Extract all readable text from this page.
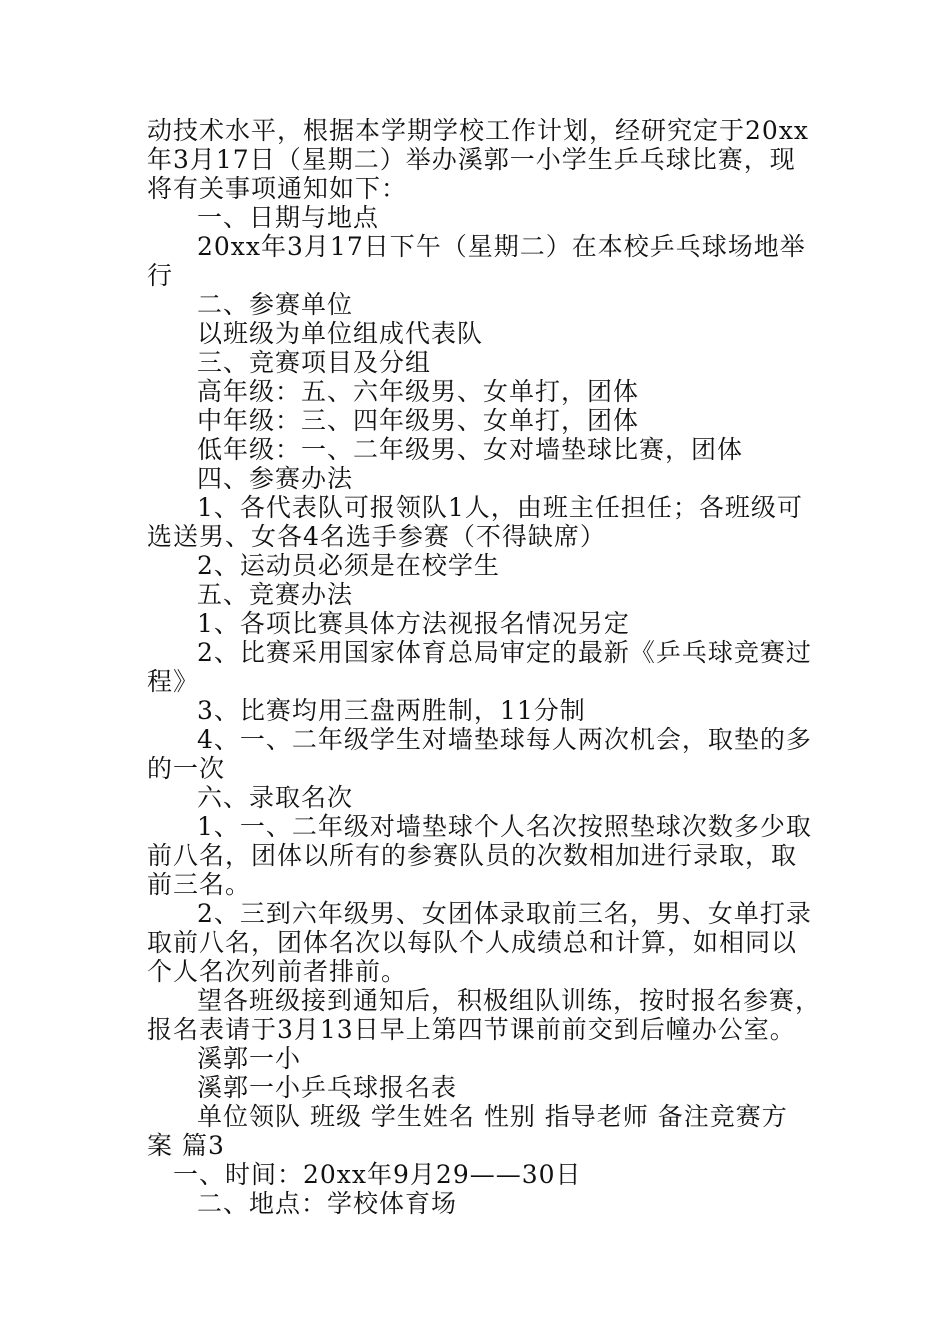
动技术水平，根据本学期学校工作计划，经研究定于20xx
年3月17日（星期二）举办溪郭一小学生乒乓球比赛，现
将有关事项通知如下：
一、日期与地点
20xx年3月17日下午（星期二）在本校乒乓球场地举
行
二、参赛单位
以班级为单位组成代表队
三、竞赛项目及分组
高年级：五、六年级男、女单打，团体
中年级：三、四年级男、女单打，团体
低年级：一、二年级男、女对墙垫球比赛，团体
四、参赛办法
1、各代表队可报领队1人，由班主任担任；各班级可
选送男、女各4名选手参赛（不得缺席）
2、运动员必须是在校学生
五、竞赛办法
1、各项比赛具体方法视报名情况另定
2、比赛采用国家体育总局审定的最新《乒乓球竞赛过
程》
3、比赛均用三盘两胜制，11分制
4、一、二年级学生对墙垫球每人两次机会，取垫的多
的一次
六、录取名次
1、一、二年级对墙垫球个人名次按照垫球次数多少取
前八名，团体以所有的参赛队员的次数相加进行录取，取
前三名。
2、三到六年级男、女团体录取前三名，男、女单打录
取前八名，团体名次以每队个人成绩总和计算，如相同以
个人名次列前者排前。
望各班级接到通知后，积极组队训练，按时报名参赛，
报名表请于3月13日早上第四节课前前交到后幢办公室。
溪郭一小
溪郭一小乒乓球报名表
单位领队 班级 学生姓名 性别 指导老师 备注竞赛方
案 篇3
一、时间：20xx年9月29——30日
二、地点：学校体育场
